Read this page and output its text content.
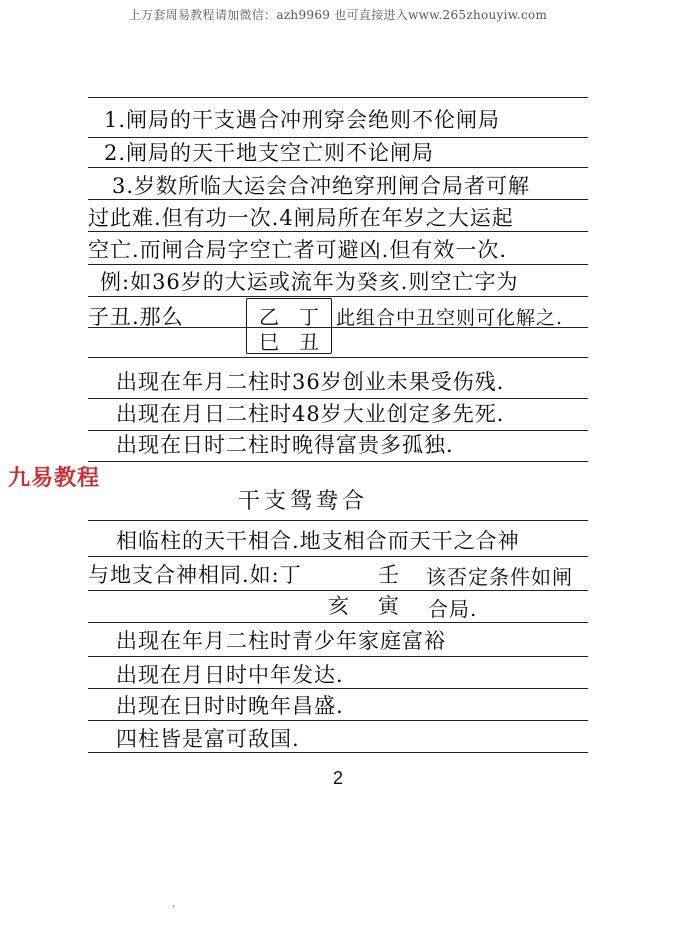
上万套周易教程请加微信：azh9969 也可直接进入www.265zhouyiw.com
1.闸局的干支遇合冲刑穿会绝则不伦闸局
2.闸局的天干地支空亡则不论闸局
3.岁数所临大运会合冲绝穿刑闸合局者可解
过此难.但有功一次.4闸局所在年岁之大运起
空亡.而闸合局字空亡者可避凶.但有效一次.
例:如36岁的大运或流年为癸亥.则空亡字为
子丑.那么	乙 丁
巳 丑
此组合中丑空则可化解之.
出现在年月二柱时36岁创业未果受伤残.
出现在月日二柱时48岁大业创定多先死.
出现在日时二柱时晚得富贵多孤独.
九易教程
干支鸳鸯合
相临柱的天干相合.地支相合而天干之合神
与地支合神相同.如:丁	壬
亥 寅
该否定条件如闸
合局.
出现在年月二柱时青少年家庭富裕
出现在月日时中年发达.
出现在日时时晚年昌盛.
四柱皆是富可敌国.
2
·
